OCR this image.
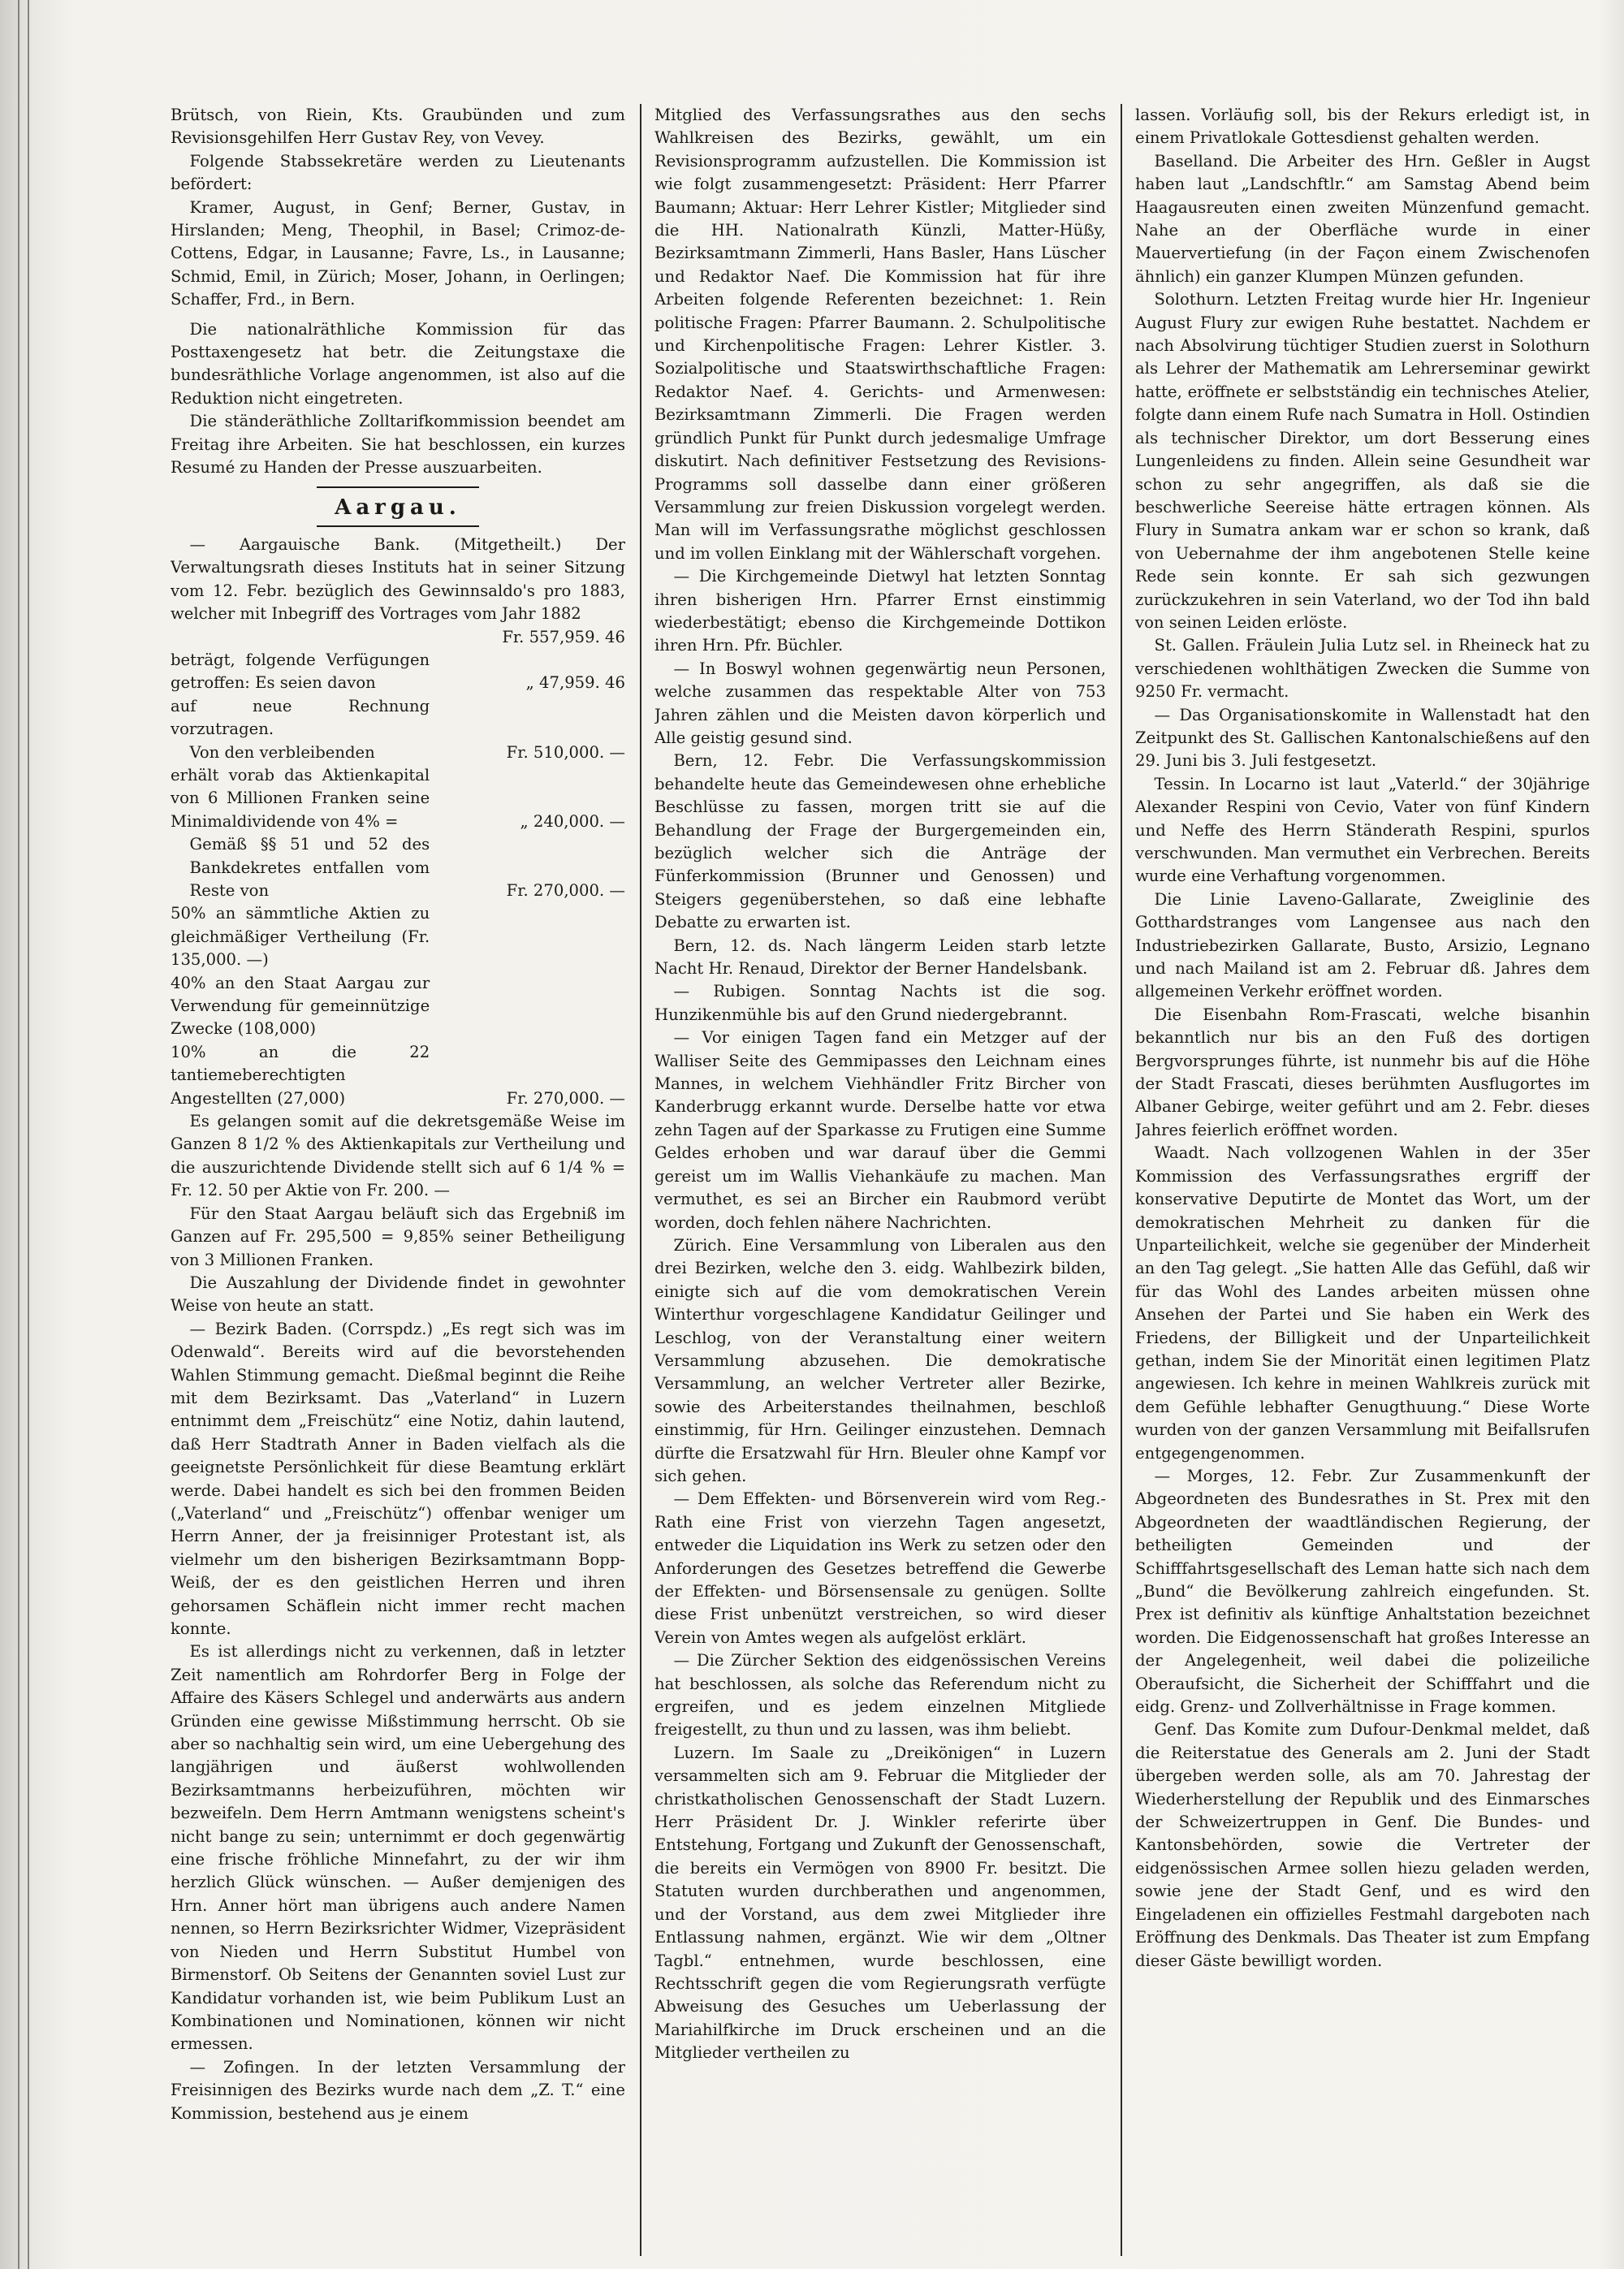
Brütsch, von Riein, Kts. Graubünden und zum Revisionsgehilfen Herr Gustav Rey, von Vevey.

Folgende Stabssekretäre werden zu Lieutenants befördert:

Kramer, August, in Genf; Berner, Gustav, in Hirslanden; Meng, Theophil, in Basel; Crimoz-de-Cottens, Edgar, in Lausanne; Favre, Ls., in Lausanne; Schmid, Emil, in Zürich; Moser, Johann, in Oerlingen; Schaffer, Frd., in Bern.

Die nationalräthliche Kommission für das Posttaxengesetz hat betr. die Zeitungstaxe die bundesräthliche Vorlage angenommen, ist also auf die Reduktion nicht eingetreten.

Die ständeräthliche Zolltarifkommission beendet am Freitag ihre Arbeiten. Sie hat beschlossen, ein kurzes Resumé zu Handen der Presse auszuarbeiten.

Aargau.

— Aargauische Bank. (Mitgetheilt.) Der Verwaltungsrath dieses Instituts hat in seiner Sitzung vom 12. Febr. bezüglich des Gewinnsaldo's pro 1883, welcher mit Inbegriff des Vortrages vom Jahr 1882

	Fr. 557,959. 46
beträgt, folgende Verfügungen getroffen: Es seien davon	„ 47,959. 46
auf neue Rechnung vorzutragen.	
Von den verbleibenden	Fr. 510,000. —
erhält vorab das Aktienkapital von 6 Millionen Franken seine Minimaldividende von 4% =	„ 240,000. —
Gemäß §§ 51 und 52 des Bankdekretes entfallen vom Reste von	Fr. 270,000. —
50% an sämmtliche Aktien zu gleichmäßiger Vertheilung (Fr. 135,000. —)	
40% an den Staat Aargau zur Verwendung für gemeinnützige Zwecke (108,000)	
10% an die 22 tantiemeberechtigten Angestellten (27,000)	Fr. 270,000. —

Es gelangen somit auf die dekretsgemäße Weise im Ganzen 8 1/2 % des Aktienkapitals zur Vertheilung und die auszurichtende Dividende stellt sich auf 6 1/4 % = Fr. 12. 50 per Aktie von Fr. 200. —

Für den Staat Aargau beläuft sich das Ergebniß im Ganzen auf Fr. 295,500 = 9,85% seiner Betheiligung von 3 Millionen Franken.

Die Auszahlung der Dividende findet in gewohnter Weise von heute an statt.

— Bezirk Baden. (Corrspdz.) „Es regt sich was im Odenwald“. Bereits wird auf die bevorstehenden Wahlen Stimmung gemacht. Dießmal beginnt die Reihe mit dem Bezirksamt. Das „Vaterland“ in Luzern entnimmt dem „Freischütz“ eine Notiz, dahin lautend, daß Herr Stadtrath Anner in Baden vielfach als die geeignetste Persönlichkeit für diese Beamtung erklärt werde. Dabei handelt es sich bei den frommen Beiden („Vaterland“ und „Freischütz“) offenbar weniger um Herrn Anner, der ja freisinniger Protestant ist, als vielmehr um den bisherigen Bezirksamtmann Bopp-Weiß, der es den geistlichen Herren und ihren gehorsamen Schäflein nicht immer recht machen konnte.

Es ist allerdings nicht zu verkennen, daß in letzter Zeit namentlich am Rohrdorfer Berg in Folge der Affaire des Käsers Schlegel und anderwärts aus andern Gründen eine gewisse Mißstimmung herrscht. Ob sie aber so nachhaltig sein wird, um eine Uebergehung des langjährigen und äußerst wohlwollenden Bezirksamtmanns herbeizuführen, möchten wir bezweifeln. Dem Herrn Amtmann wenigstens scheint's nicht bange zu sein; unternimmt er doch gegenwärtig eine frische fröhliche Minnefahrt, zu der wir ihm herzlich Glück wünschen. — Außer demjenigen des Hrn. Anner hört man übrigens auch andere Namen nennen, so Herrn Bezirksrichter Widmer, Vizepräsident von Nieden und Herrn Substitut Humbel von Birmenstorf. Ob Seitens der Genannten soviel Lust zur Kandidatur vorhanden ist, wie beim Publikum Lust an Kombinationen und Nominationen, können wir nicht ermessen.

— Zofingen. In der letzten Versammlung der Freisinnigen des Bezirks wurde nach dem „Z. T.“ eine Kommission, bestehend aus je einem

Mitglied des Verfassungsrathes aus den sechs Wahlkreisen des Bezirks, gewählt, um ein Revisionsprogramm aufzustellen. Die Kommission ist wie folgt zusammengesetzt: Präsident: Herr Pfarrer Baumann; Aktuar: Herr Lehrer Kistler; Mitglieder sind die HH. Nationalrath Künzli, Matter-Hüßy, Bezirksamtmann Zimmerli, Hans Basler, Hans Lüscher und Redaktor Naef. Die Kommission hat für ihre Arbeiten folgende Referenten bezeichnet: 1. Rein politische Fragen: Pfarrer Baumann. 2. Schulpolitische und Kirchenpolitische Fragen: Lehrer Kistler. 3. Sozialpolitische und Staatswirthschaftliche Fragen: Redaktor Naef. 4. Gerichts- und Armenwesen: Bezirksamtmann Zimmerli. Die Fragen werden gründlich Punkt für Punkt durch jedesmalige Umfrage diskutirt. Nach definitiver Festsetzung des Revisions-Programms soll dasselbe dann einer größeren Versammlung zur freien Diskussion vorgelegt werden. Man will im Verfassungsrathe möglichst geschlossen und im vollen Einklang mit der Wählerschaft vorgehen.

— Die Kirchgemeinde Dietwyl hat letzten Sonntag ihren bisherigen Hrn. Pfarrer Ernst einstimmig wiederbestätigt; ebenso die Kirchgemeinde Dottikon ihren Hrn. Pfr. Büchler.

— In Boswyl wohnen gegenwärtig neun Personen, welche zusammen das respektable Alter von 753 Jahren zählen und die Meisten davon körperlich und Alle geistig gesund sind.

Bern, 12. Febr. Die Verfassungskommission behandelte heute das Gemeindewesen ohne erhebliche Beschlüsse zu fassen, morgen tritt sie auf die Behandlung der Frage der Burgergemeinden ein, bezüglich welcher sich die Anträge der Fünferkommission (Brunner und Genossen) und Steigers gegenüberstehen, so daß eine lebhafte Debatte zu erwarten ist.

Bern, 12. ds. Nach längerm Leiden starb letzte Nacht Hr. Renaud, Direktor der Berner Handelsbank.

— Rubigen. Sonntag Nachts ist die sog. Hunzikenmühle bis auf den Grund niedergebrannt.

— Vor einigen Tagen fand ein Metzger auf der Walliser Seite des Gemmipasses den Leichnam eines Mannes, in welchem Viehhändler Fritz Bircher von Kanderbrugg erkannt wurde. Derselbe hatte vor etwa zehn Tagen auf der Sparkasse zu Frutigen eine Summe Geldes erhoben und war darauf über die Gemmi gereist um im Wallis Viehankäufe zu machen. Man vermuthet, es sei an Bircher ein Raubmord verübt worden, doch fehlen nähere Nachrichten.

Zürich. Eine Versammlung von Liberalen aus den drei Bezirken, welche den 3. eidg. Wahlbezirk bilden, einigte sich auf die vom demokratischen Verein Winterthur vorgeschlagene Kandidatur Geilinger und Leschlog, von der Veranstaltung einer weitern Versammlung abzusehen. Die demokratische Versammlung, an welcher Vertreter aller Bezirke, sowie des Arbeiterstandes theilnahmen, beschloß einstimmig, für Hrn. Geilinger einzustehen. Demnach dürfte die Ersatzwahl für Hrn. Bleuler ohne Kampf vor sich gehen.

— Dem Effekten- und Börsenverein wird vom Reg.-Rath eine Frist von vierzehn Tagen angesetzt, entweder die Liquidation ins Werk zu setzen oder den Anforderungen des Gesetzes betreffend die Gewerbe der Effekten- und Börsensensale zu genügen. Sollte diese Frist unbenützt verstreichen, so wird dieser Verein von Amtes wegen als aufgelöst erklärt.

— Die Zürcher Sektion des eidgenössischen Vereins hat beschlossen, als solche das Referendum nicht zu ergreifen, und es jedem einzelnen Mitgliede freigestellt, zu thun und zu lassen, was ihm beliebt.

Luzern. Im Saale zu „Dreikönigen“ in Luzern versammelten sich am 9. Februar die Mitglieder der christkatholischen Genossenschaft der Stadt Luzern. Herr Präsident Dr. J. Winkler referirte über Entstehung, Fortgang und Zukunft der Genossenschaft, die bereits ein Vermögen von 8900 Fr. besitzt. Die Statuten wurden durchberathen und angenommen, und der Vorstand, aus dem zwei Mitglieder ihre Entlassung nahmen, ergänzt. Wie wir dem „Oltner Tagbl.“ entnehmen, wurde beschlossen, eine Rechtsschrift gegen die vom Regierungsrath verfügte Abweisung des Gesuches um Ueberlassung der Mariahilfkirche im Druck erscheinen und an die Mitglieder vertheilen zu

lassen. Vorläufig soll, bis der Rekurs erledigt ist, in einem Privatlokale Gottesdienst gehalten werden.

Baselland. Die Arbeiter des Hrn. Geßler in Augst haben laut „Landschftlr.“ am Samstag Abend beim Haagausreuten einen zweiten Münzenfund gemacht. Nahe an der Oberfläche wurde in einer Mauervertiefung (in der Façon einem Zwischenofen ähnlich) ein ganzer Klumpen Münzen gefunden.

Solothurn. Letzten Freitag wurde hier Hr. Ingenieur August Flury zur ewigen Ruhe bestattet. Nachdem er nach Absolvirung tüchtiger Studien zuerst in Solothurn als Lehrer der Mathematik am Lehrerseminar gewirkt hatte, eröffnete er selbstständig ein technisches Atelier, folgte dann einem Rufe nach Sumatra in Holl. Ostindien als technischer Direktor, um dort Besserung eines Lungenleidens zu finden. Allein seine Gesundheit war schon zu sehr angegriffen, als daß sie die beschwerliche Seereise hätte ertragen können. Als Flury in Sumatra ankam war er schon so krank, daß von Uebernahme der ihm angebotenen Stelle keine Rede sein konnte. Er sah sich gezwungen zurückzukehren in sein Vaterland, wo der Tod ihn bald von seinen Leiden erlöste.

St. Gallen. Fräulein Julia Lutz sel. in Rheineck hat zu verschiedenen wohlthätigen Zwecken die Summe von 9250 Fr. vermacht.

— Das Organisationskomite in Wallenstadt hat den Zeitpunkt des St. Gallischen Kantonalschießens auf den 29. Juni bis 3. Juli festgesetzt.

Tessin. In Locarno ist laut „Vaterld.“ der 30jährige Alexander Respini von Cevio, Vater von fünf Kindern und Neffe des Herrn Ständerath Respini, spurlos verschwunden. Man vermuthet ein Verbrechen. Bereits wurde eine Verhaftung vorgenommen.

Die Linie Laveno-Gallarate, Zweiglinie des Gotthardstranges vom Langensee aus nach den Industriebezirken Gallarate, Busto, Arsizio, Legnano und nach Mailand ist am 2. Februar dß. Jahres dem allgemeinen Verkehr eröffnet worden.

Die Eisenbahn Rom-Frascati, welche bisanhin bekanntlich nur bis an den Fuß des dortigen Bergvorsprunges führte, ist nunmehr bis auf die Höhe der Stadt Frascati, dieses berühmten Ausflugortes im Albaner Gebirge, weiter geführt und am 2. Febr. dieses Jahres feierlich eröffnet worden.

Waadt. Nach vollzogenen Wahlen in der 35er Kommission des Verfassungsrathes ergriff der konservative Deputirte de Montet das Wort, um der demokratischen Mehrheit zu danken für die Unparteilichkeit, welche sie gegenüber der Minderheit an den Tag gelegt. „Sie hatten Alle das Gefühl, daß wir für das Wohl des Landes arbeiten müssen ohne Ansehen der Partei und Sie haben ein Werk des Friedens, der Billigkeit und der Unparteilichkeit gethan, indem Sie der Minorität einen legitimen Platz angewiesen. Ich kehre in meinen Wahlkreis zurück mit dem Gefühle lebhafter Genugthuung.“ Diese Worte wurden von der ganzen Versammlung mit Beifallsrufen entgegengenommen.

— Morges, 12. Febr. Zur Zusammenkunft der Abgeordneten des Bundesrathes in St. Prex mit den Abgeordneten der waadtländischen Regierung, der betheiligten Gemeinden und der Schifffahrtsgesellschaft des Leman hatte sich nach dem „Bund“ die Bevölkerung zahlreich eingefunden. St. Prex ist definitiv als künftige Anhaltstation bezeichnet worden. Die Eidgenossenschaft hat großes Interesse an der Angelegenheit, weil dabei die polizeiliche Oberaufsicht, die Sicherheit der Schifffahrt und die eidg. Grenz- und Zollverhältnisse in Frage kommen.

Genf. Das Komite zum Dufour-Denkmal meldet, daß die Reiterstatue des Generals am 2. Juni der Stadt übergeben werden solle, als am 70. Jahrestag der Wiederherstellung der Republik und des Einmarsches der Schweizertruppen in Genf. Die Bundes- und Kantonsbehörden, sowie die Vertreter der eidgenössischen Armee sollen hiezu geladen werden, sowie jene der Stadt Genf, und es wird den Eingeladenen ein offizielles Festmahl dargeboten nach Eröffnung des Denkmals. Das Theater ist zum Empfang dieser Gäste bewilligt worden.
